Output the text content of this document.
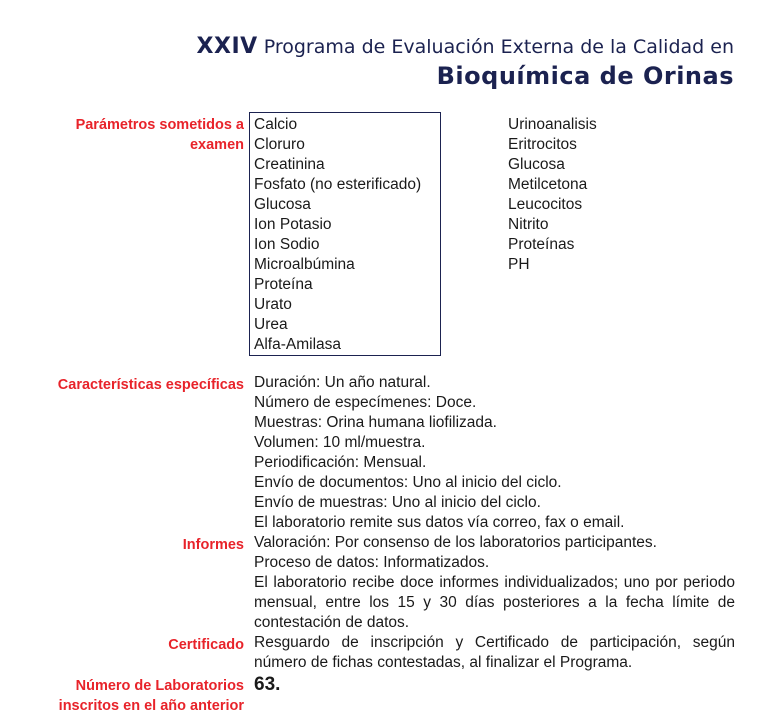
XXIV Programa de Evaluación Externa de la Calidad en
Bioquímica de Orinas
Parámetros sometidos a
examen
Calcio
Cloruro
Creatinina
Fosfato (no esterificado)
Glucosa
Ion Potasio
Ion Sodio
Microalbúmina
Proteína
Urato
Urea
Alfa-Amilasa
Urinoanalisis
Eritrocitos
Glucosa
Metilcetona
Leucocitos
Nitrito
Proteínas
PH
Características específicas Duración: Un año natural.
Número de especímenes: Doce.
Muestras: Orina humana liofilizada.
Volumen: 10 ml/muestra.
Periodificación: Mensual.
Envío de documentos: Uno al inicio del ciclo.
Envío de muestras: Uno al inicio del ciclo.
El laboratorio remite sus datos vía correo, fax o email.
Informes Valoración: Por consenso de los laboratorios participantes.
Proceso de datos: Informatizados.
El laboratorio recibe doce informes individualizados; uno por periodo mensual, entre los 15 y 30 días posteriores a la fecha límite de contestación de datos.
Certificado Resguardo de inscripción y Certificado de participación, según número de fichas contestadas, al finalizar el Programa.
Número de Laboratorios
inscritos en el año anterior
63.
